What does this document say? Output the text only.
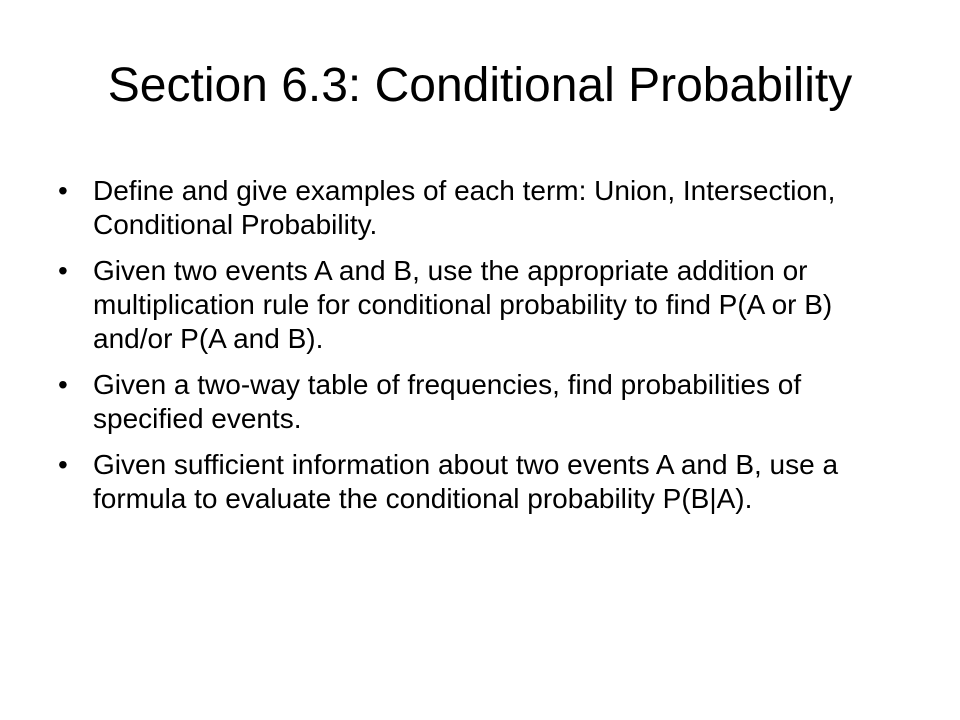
Section 6.3: Conditional Probability
• Define and give examples of each term: Union, Intersection, Conditional Probability.
• Given two events A and B, use the appropriate addition or multiplication rule for conditional probability to find P(A or B) and/or P(A and B).
• Given a two-way table of frequencies, find probabilities of specified events.
• Given sufficient information about two events A and B, use a formula to evaluate the conditional probability P(B|A).
